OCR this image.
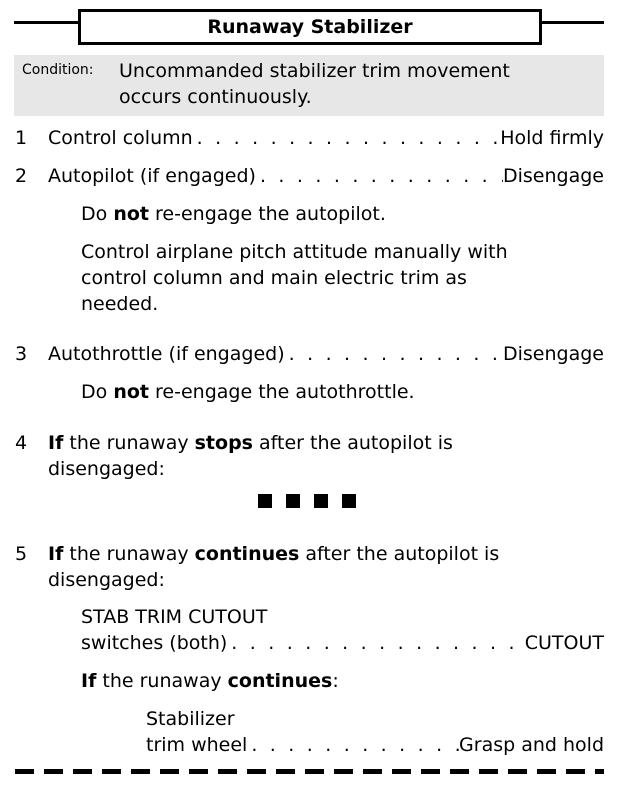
Runaway Stabilizer
Condition: Uncommanded stabilizer trim movement
occurs continuously.
1 Control column . . .	Hold firmly
2 Autopilot (if engaged) . . .	Disengage
Do not re-engage the autopilot.
Control airplane pitch attitude manually with
control column and main electric trim as
needed.
3 Autothrottle (if engaged) . . .	Disengage
Do not re-engage the autothrottle.
4 If the runaway stops after the autopilot is
disengaged:
5 If the runaway continues after the autopilot is
disengaged:
STAB TRIM CUTOUT
switches (both) . . .	CUTOUT
If the runaway continues:
Stabilizer
trim wheel . . .	Grasp and hold
